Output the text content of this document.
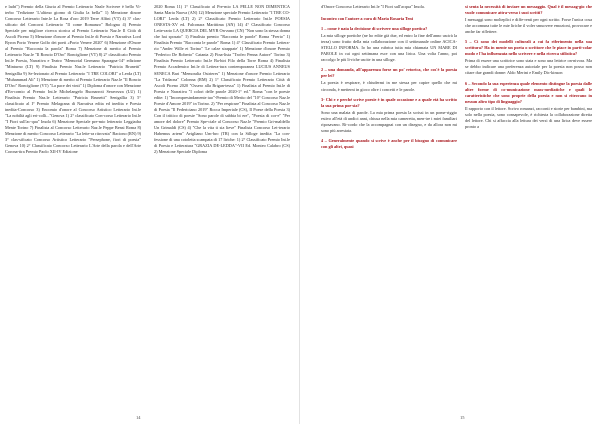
e ladri") Premio della Giuria al Premio Letterario Nazle Scrivere è bello Vi-terbo "l'edizione 'L'ultimo giorno di Giulia la bella'" 1) Menzione dinore Concorso Letterario Inte.le La Rosa d'oro 2019 Terre Alfini (VT) 4) 3° clas-sificato del Concorsi Letterario "Il come Romanzo" Bologna 4) Premio Speciale per migliore ricerca storica al Premio Letterario Naz.le Il Città di Ascoli Piceno 5) Menzione d'onore al Premio Int.le di Poesia e Narrativa Lord Byron Porto Venere Golfo dei poeti «Porto Venere 2020" 6) Menzione d'Onore al Premio "Racconta la parola" Roma 7) Menzione di merito al Premio Letterario Naz.le "Il Roncio D'Oro" Ronciglione (VT) 8) 2° classificato Premio Int.le Poesia, Narrativa e Teatro "Memorial Germano Sparagna-14° edizione "Minturno (LT) 9) Finalista Premio Naz.le Letterario "Patricia Brunetti" Senigallia 9) Se-lezionato al Premio Letterario "I TRE COLORI" a Lerda (LT) "Muhammad Ali" 1) Menzione di merito al Premio Letterario Naz.le "Il Roncio D'Oro" Ronciglione (VT) "La pace dei vinti" 1) Diploma d'onore con Menzione d'En-comio al Premio Int.le Michelangelo Buonarroti Seravezza (LU) 1) Finalista Premio Naz.le Letterario "Patricia Brunetti" Senigallia 3) 5° classificato al I° Premio Melagrana di Narrativa edita ed inedita e Poesia inedita-Concorso 3) Encomio d'onore al Concorso Artistico Letterario Int.le "La nobiltà agli ert-colli..."Genova 1) 2° classificato Con-corso Letterario Int.le "I Fiori sull'ac-qua" Imola 6) Menzione Speciale pre-mio letterario Leggiadra Mente Torino 7) Finalista al Concorso Letterario Naz.le Peppe Bensi Roma 8) Menzione di merito Concorso Letterario "La lette-ra ritrovata" Baciono (RN) 9) 3° clas-sificato Concorso Artistico Letterario "Persephone, fiori di poesia" Genova 10) 2° Classificato Concorso Letterario L'Arte della parola e dell'Arte Corona-tira Premio Paolo XII-IV Edizione

2020 Roma 11) 1° Classificato al Pre-mio LA PELLE NON DIMENTICA Santa Maria Nuova (AN) 12) Menzione speciale Premio Letterario "I TRE CO-LORI" Lerda (LT) 2) 2° Classificato Premio Letterario Int.le POESIA ONESTA-XV ed. Falconara Marittima (AN) 14) 4° Classificato Concorso Lette-rario LA QUERCIA DEL MYR On-zano (CN) "Non sono la stessa donna che hai sposato" 1) Finalista premio "Racconta le parole" Roma "Frerio" 1) Finalista Premio "Racconta le parole" Roma 1) 4° Classificato Premio Lettera-rio "Ander Wille et Torino" 'Le calze strappate' 1) Menzione d'onore Premio "Federico De Roberto" Catania 2) Fina-lista "Trofeo Penna Autore" Torino 3) Finalista Premio Letterario Int.le Ba-hiri Filo della Torre Roma 4) Finalista Premio Accademico Int.le di Lettera-tura contemporanea LUCIUS ANNEUS SENECA Bari "Memoralia Ostrieres" 1) Menzione d'onore Premio Letterario "La Tridacna" Colonna (RM) 2) 1° Classificato Premio Letterario Città di Ascoli Piceno 2020 "Ossero alla Brigan-tessa" 1) Finalista al Premio Int.le di Poesia e Narrativa "I colori delle parole 2020-1° ed." Roma "con le poesie edite: 1) "Incompresindamente tuo"-Premio di Merito del "10° Concorso Naz.le Poesie d'Amore 2019" in Torino. 2) "Per respirare" Finalista al Concorso Naz.le di Poesia "Il Federiciano 2019" Rocca Imperiale (CS), Il Poese della Poesia 3) Con il trittico di poesie "Sono parole di sabbia bi ere", "Poesia di cor-e" "Per amore del dolore" Premio Spe-ciale al Concorso Naz.le "Premio Gri-maldello Un Grimaldi (CS) 4) "Che la vita ti sia lieve" Finalista Concorso Let-terario Habemus artem" Avigliano Um-bro (TR) con la Silloge inedita "La con-fessione di una cotoletta scampata di 17 liriche: 1) 2° Classificato Premio Int.le di Poesia e Letteratura "GRAZIA DE-LEDDA"-VII Ed. Monteo Calabro (CS) 2) Menzione Speciale Diploma

14

d'Onore Concorso Letterario Int.le "I Fiori sull'acqua" Imola.

Incontro con l'autore a cura di Maria Rosaria Teni

1 – come è nata la decisione di scrivere una silloge poetica?

La mia silloge poetiche (ne ho edite già due, ed entro la fine dell'anno uscirà la terza) sono frutto della mia collaborazione con il settimanale online ACICA-STELLO INFORMA. Io ho una rubrica tutta mia chiamata UN MARE DI PAROLE in cui ogni settimana esce con una lirica. Una volta l'anno, poi raccolgo le più li-riche uscite in una silloge.

2 – una domanda, all'apparenza forse un po' retorica, che cos'è la poesia per lei?

La poesia è respirare, è chiudermi in me stessa per capire quello che mi circonda, è metterni in gioco oltre i concetti e le parole.

3- Chi e e perché scrive poesie è in quale occasione e a quale età ha scritto la sua prima poe-sia?

Sono una malata di parole. La mia prima poesia la scrissi in un pome-riggio estivo all'età di undici anni, chiusa nella mia cameretta, men-tre i miei familiari riposavano. Ri-cordo che la accompagnai con un disegno, e da allora non mi sono più arrestata.

4 – Generalmente quando si scrive è anche per il bisogno di comunicare con gli altri, quasi

si senta la necessità di inviare un messaggio. Qual è il messag-gio che vuole comunicare attra-verso i suoi scritti?

I messaggi sono molteplici e diffe-renti per ogni scritto. Forse l'unica cosa che accomuna tutte le mie liriche il voler smuovere emozioni, provocare e anche far riflettere.

5 – Ci sono dei modelli culturali a cui fa riferimento nella sua scrittura? Ha in mente un poeta o scrittore che le piace in parti-colar modo e l'ha influenzata nello scrivere e nella ricerca stilistica?

Prima di essere una scrittrice sono stata e sono una lettrice on-nivora. Ma se debbo indicare una preferenza autoriale per la poesia non posso non citare due grandi donne: Aldo Merini e Emily Dic-kinson

6 – Secondo la sua esperienza quale elemento distingue la poesia dalle altre forme di co-municazione mass-mediatiche e quali le caratteristiche che sono proprie della poesia e non si ritrovano in nessun altro tipo di linguaggio?

Il rapporto con il lettore. Scrivo romanzi, racconti e storie per bambini, ma solo nella poesia, sono consapevole, è richiesta la collaborazione diretta del lettore. Chi si affaccia alla lettura dei versi di una lirica deve essere pronto a

15
